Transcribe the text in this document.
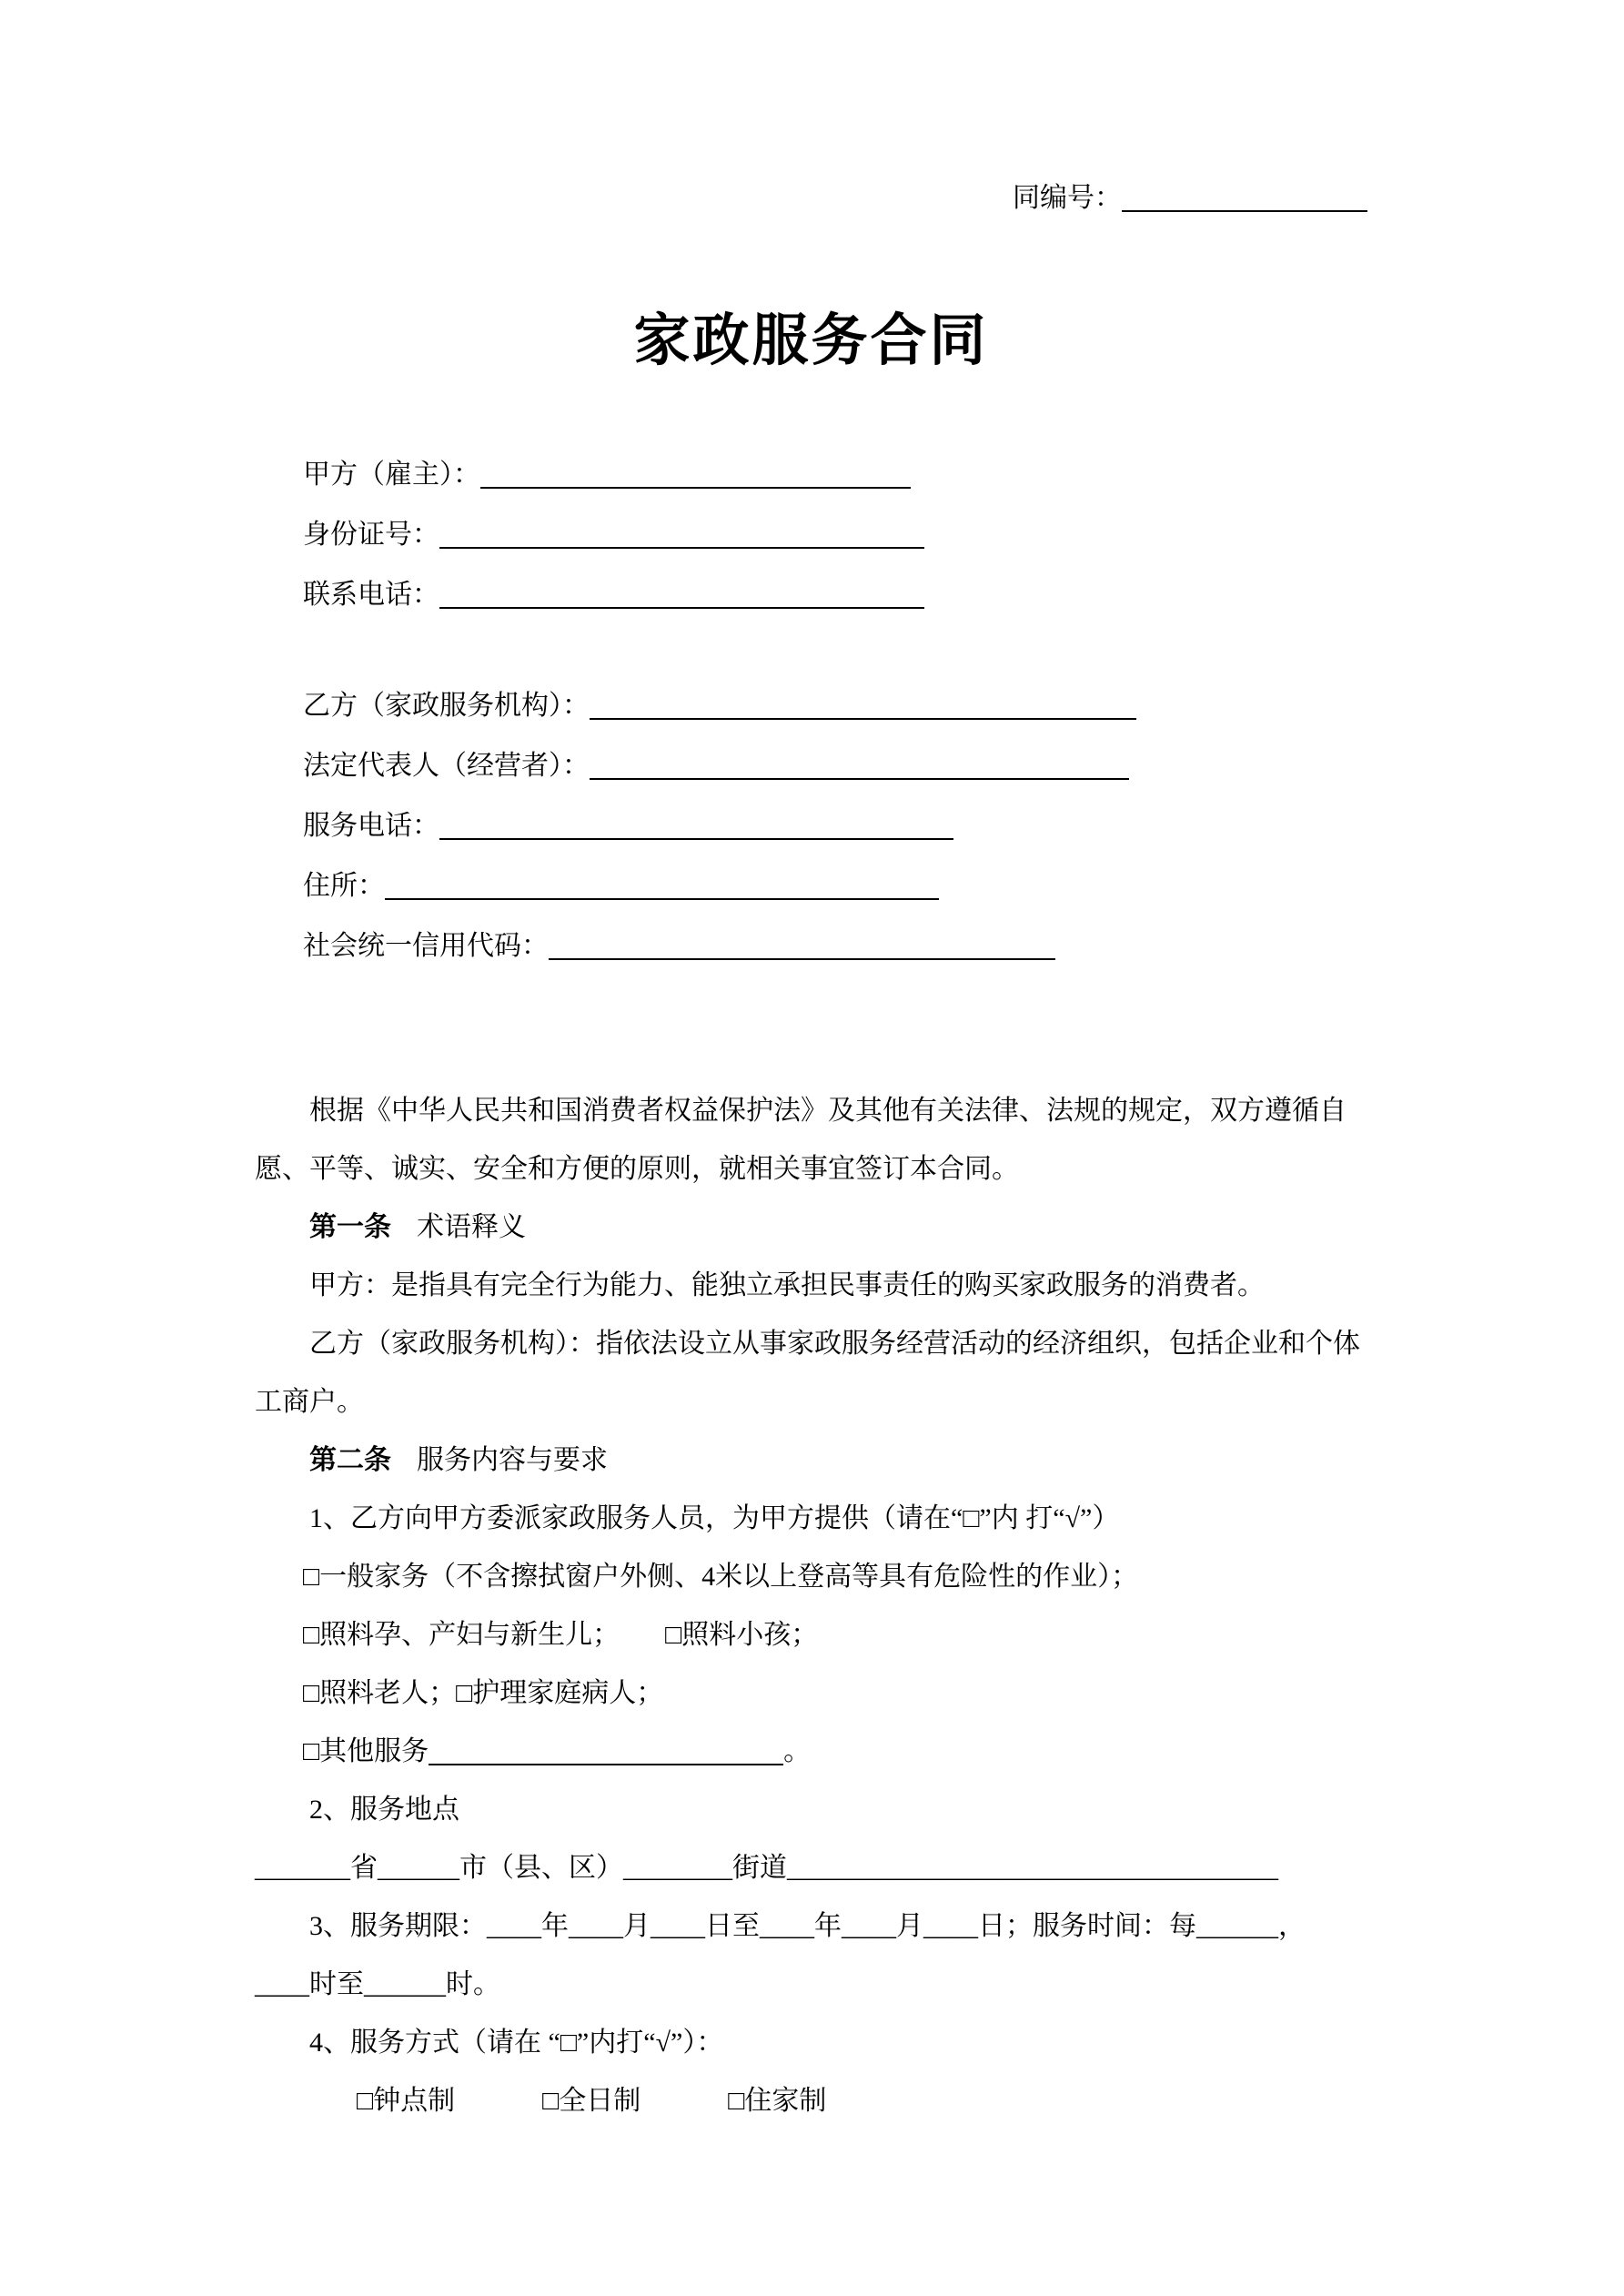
同编号：
家政服务合同
甲方（雇主）：
身份证号：
联系电话：
乙方（家政服务机构）：
法定代表人（经营者）：
服务电话：
住所：
社会统一信用代码：

根据《中华人民共和国消费者权益保护法》及其他有关法律、法规的规定，双方遵循自愿、平等、诚实、安全和方便的原则，就相关事宜签订本合同。

第一条 术语释义

甲方：是指具有完全行为能力、能独立承担民事责任的购买家政服务的消费者。

乙方（家政服务机构）：指依法设立从事家政服务经营活动的经济组织，包括企业和个体工商户。

第二条 服务内容与要求

1、乙方向甲方委派家政服务人员，为甲方提供（请在“□”内 打“√”）

□一般家务（不含擦拭窗户外侧、4米以上登高等具有危险性的作业）；

□照料孕、产妇与新生儿； □照料小孩；

□照料老人；□护理家庭病人；

□其他服务	。

2、服务地点

_______省______市（县、区）________街道____________________________________

3、服务期限：____年____月____日至____年____月____日；服务时间：每______，

____时至______时。

4、服务方式（请在 “□”内打“√”）：

□钟点制	□全日制	□住家制
